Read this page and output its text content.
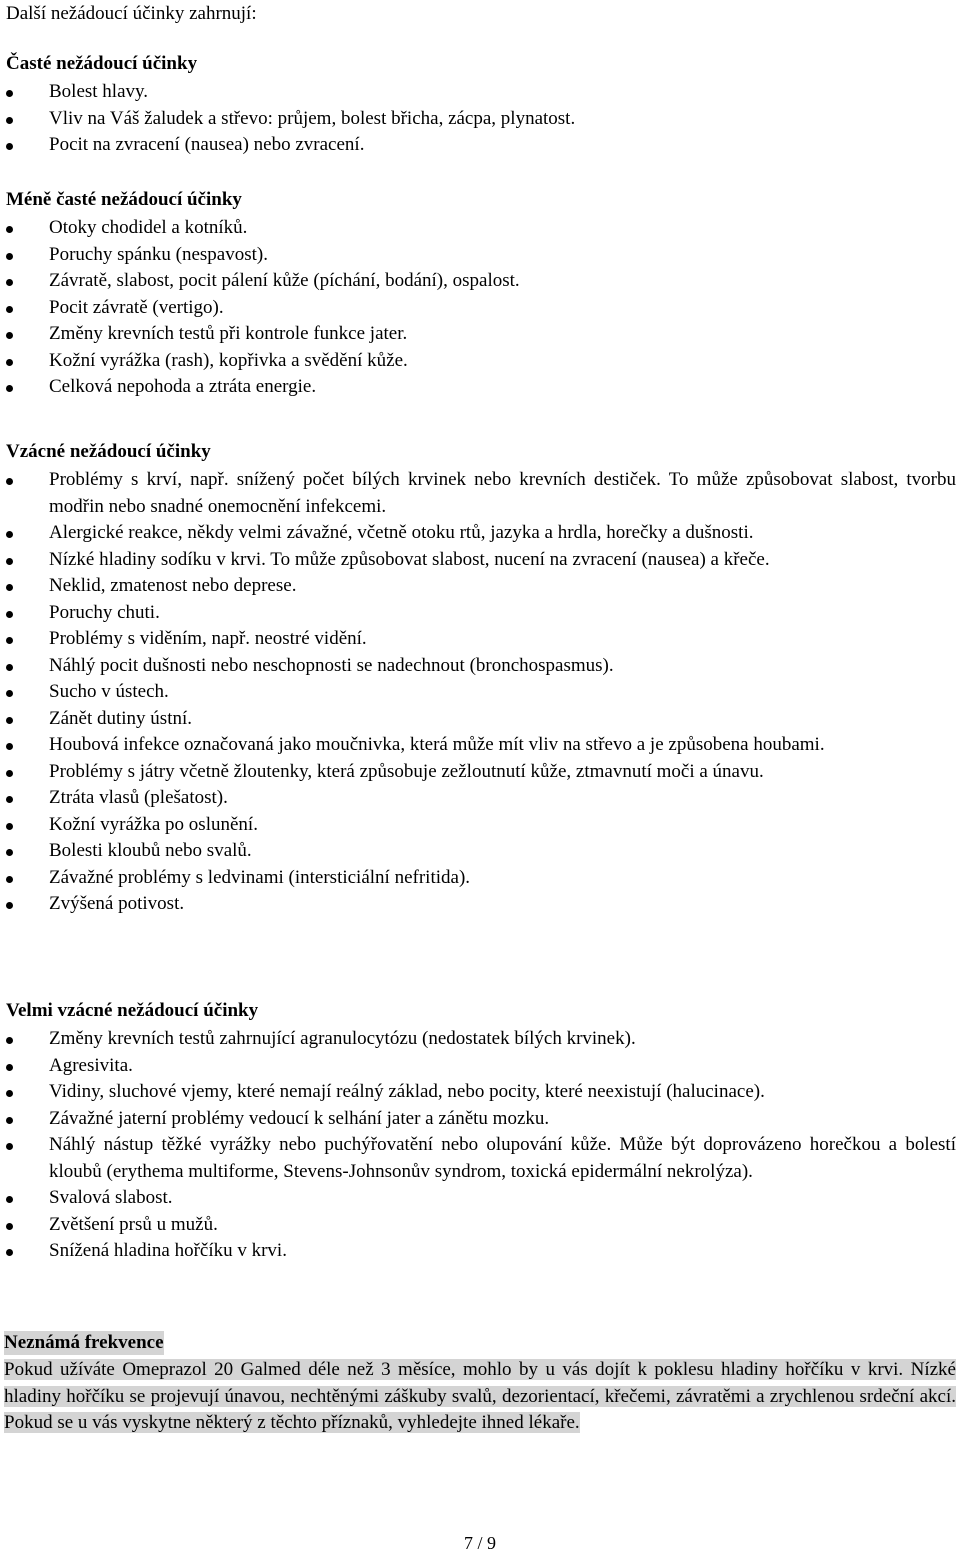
Další nežádoucí účinky zahrnují:

Časté nežádoucí účinky

Bolest hlavy.
Vliv na Váš žaludek a střevo: průjem, bolest břicha, zácpa, plynatost.
Pocit na zvracení (nausea) nebo zvracení.

Méně časté nežádoucí účinky

Otoky chodidel a kotníků.
Poruchy spánku (nespavost).
Závratě, slabost, pocit pálení kůže (píchání, bodání), ospalost.
Pocit závratě (vertigo).
Změny krevních testů při kontrole funkce jater.
Kožní vyrážka (rash), kopřivka a svědění kůže.
Celková nepohoda a ztráta energie.

Vzácné nežádoucí účinky

Problémy s krví, např. snížený počet bílých krvinek nebo krevních destiček. To může způsobovat slabost, tvorbu modřin nebo snadné onemocnění infekcemi.
Alergické reakce, někdy velmi závažné, včetně otoku rtů, jazyka a hrdla, horečky a dušnosti.
Nízké hladiny sodíku v krvi. To může způsobovat slabost, nucení na zvracení (nausea) a křeče.
Neklid, zmatenost nebo deprese.
Poruchy chuti.
Problémy s viděním, např. neostré vidění.
Náhlý pocit dušnosti nebo neschopnosti se nadechnout (bronchospasmus).
Sucho v ústech.
Zánět dutiny ústní.
Houbová infekce označovaná jako moučnivka, která může mít vliv na střevo a je způsobena houbami.
Problémy s játry včetně žloutenky, která způsobuje zežloutnutí kůže, ztmavnutí moči a únavu.
Ztráta vlasů (plešatost).
Kožní vyrážka po oslunění.
Bolesti kloubů nebo svalů.
Závažné problémy s ledvinami (intersticiální nefritida).
Zvýšená potivost.

Velmi vzácné nežádoucí účinky

Změny krevních testů zahrnující agranulocytózu (nedostatek bílých krvinek).
Agresivita.
Vidiny, sluchové vjemy, které nemají reálný základ, nebo pocity, které neexistují (halucinace).
Závažné jaterní problémy vedoucí k selhání jater a zánětu mozku.
Náhlý nástup těžké vyrážky nebo puchýřovatění nebo olupování kůže. Může být doprovázeno horečkou a bolestí kloubů (erythema multiforme, Stevens-Johnsonův syndrom, toxická epidermální nekrolýza).
Svalová slabost.
Zvětšení prsů u mužů.
Snížená hladina hořčíku v krvi.
Neznámá frekvence

Pokud užíváte Omeprazol 20 Galmed déle než 3 měsíce, mohlo by u vás dojít k poklesu hladiny hořčíku v krvi. Nízké hladiny hořčíku se projevují únavou, nechtěnými záškuby svalů, dezorientací, křečemi, závratěmi a zrychlenou srdeční akcí. Pokud se u vás vyskytne některý z těchto příznaků, vyhledejte ihned lékaře.

7 / 9
